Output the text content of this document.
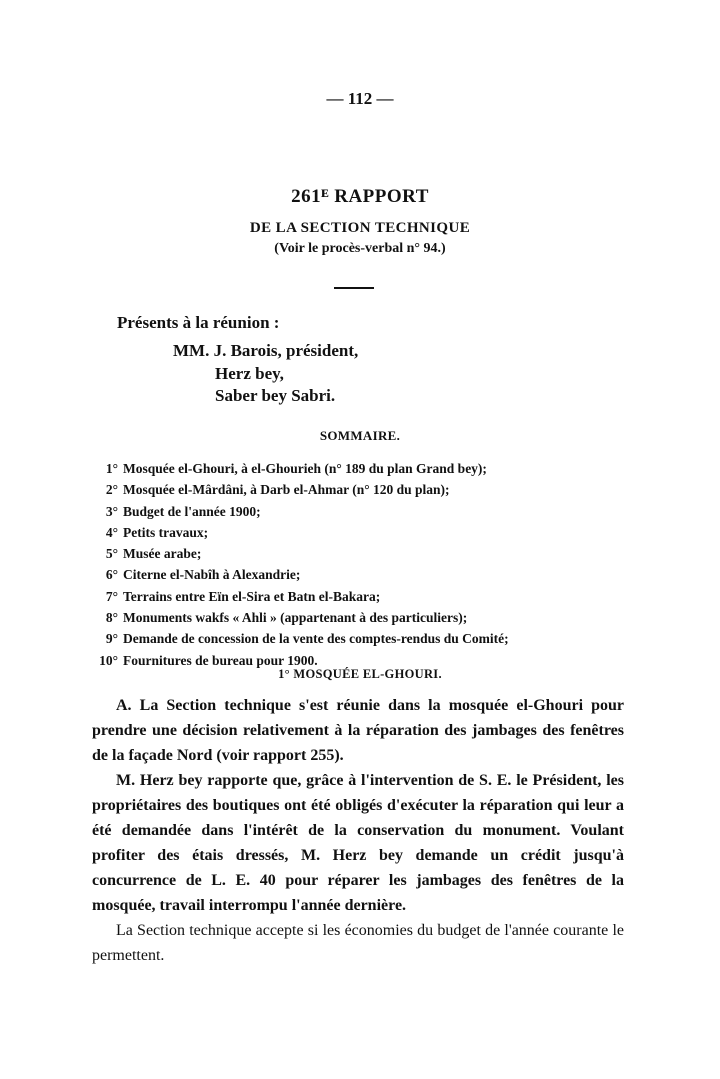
— 112 —
261ᴱ RAPPORT
DE LA SECTION TECHNIQUE
(Voir le procès-verbal n° 94.)
Présents à la réunion :
MM. J. Barois, président,
Herz bey,
Saber bey Sabri.
SOMMAIRE.
1° Mosquée el-Ghouri, à el-Ghourieh (n° 189 du plan Grand bey);
2° Mosquée el-Mârdâni, à Darb el-Ahmar (n° 120 du plan);
3° Budget de l'année 1900;
4° Petits travaux;
5° Musée arabe;
6° Citerne el-Nabîh à Alexandrie;
7° Terrains entre Eïn el-Sira et Batn el-Bakara;
8° Monuments wakfs « Ahli » (appartenant à des particuliers);
9° Demande de concession de la vente des comptes-rendus du Comité;
10° Fournitures de bureau pour 1900.
1° MOSQUÉE EL-GHOURI.

A. La Section technique s'est réunie dans la mosquée el-Ghouri pour prendre une décision relativement à la réparation des jambages des fenêtres de la façade Nord (voir rapport 255).

M. Herz bey rapporte que, grâce à l'intervention de S. E. le Président, les propriétaires des boutiques ont été obligés d'exécuter la réparation qui leur a été demandée dans l'intérêt de la conservation du monument. Voulant profiter des étais dressés, M. Herz bey demande un crédit jusqu'à concurrence de L. E. 40 pour réparer les jambages des fenêtres de la mosquée, travail interrompu l'année dernière.

La Section technique accepte si les économies du budget de l'année courante le permettent.
